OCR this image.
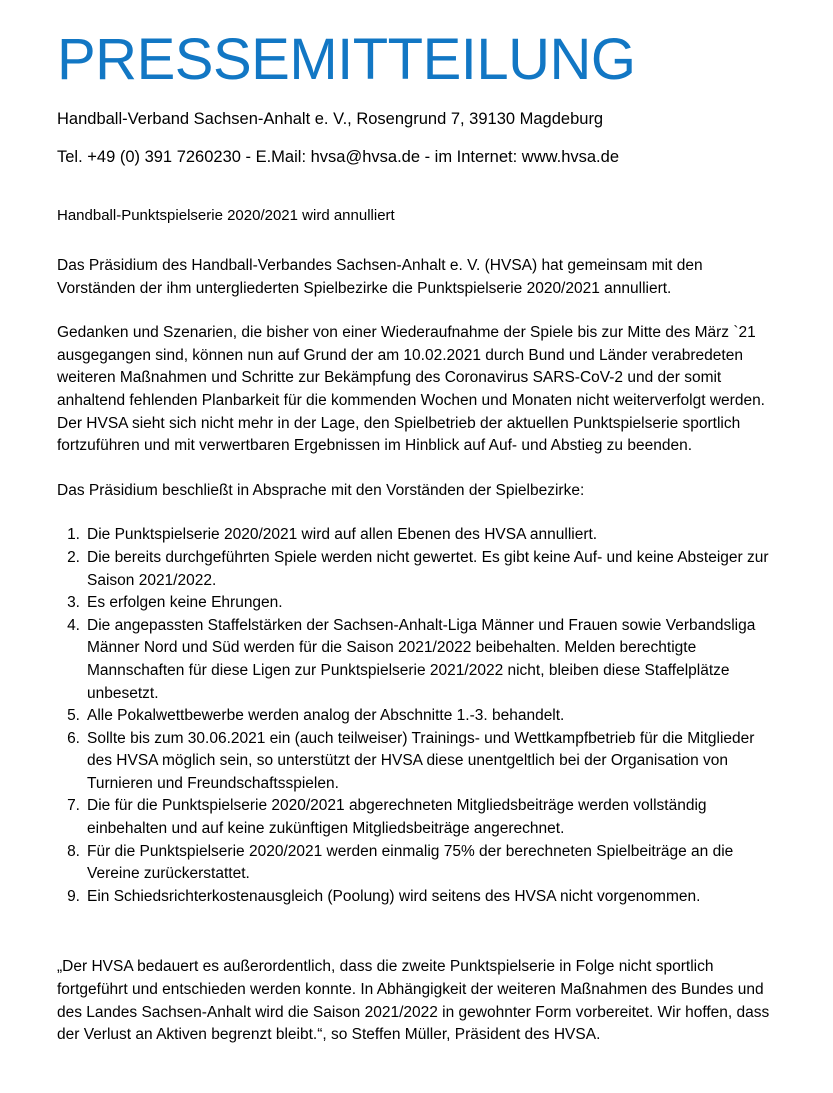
PRESSEMITTEILUNG
Handball-Verband Sachsen-Anhalt e. V., Rosengrund 7, 39130 Magdeburg
Tel. +49 (0) 391 7260230 - E.Mail: hvsa@hvsa.de - im Internet: www.hvsa.de
Handball-Punktspielserie 2020/2021 wird annulliert

Das Präsidium des Handball-Verbandes Sachsen-Anhalt e. V. (HVSA) hat gemeinsam mit den Vorständen der ihm untergliederten Spielbezirke die Punktspielserie 2020/2021 annulliert.

Gedanken und Szenarien, die bisher von einer Wiederaufnahme der Spiele bis zur Mitte des März `21 ausgegangen sind, können nun auf Grund der am 10.02.2021 durch Bund und Länder verabredeten weiteren Maßnahmen und Schritte zur Bekämpfung des Coronavirus SARS-CoV-2 und der somit anhaltend fehlenden Planbarkeit für die kommenden Wochen und Monaten nicht weiterverfolgt werden. Der HVSA sieht sich nicht mehr in der Lage, den Spielbetrieb der aktuellen Punktspielserie sportlich fortzuführen und mit verwertbaren Ergebnissen im Hinblick auf Auf- und Abstieg zu beenden.

Das Präsidium beschließt in Absprache mit den Vorständen der Spielbezirke:

1. Die Punktspielserie 2020/2021 wird auf allen Ebenen des HVSA annulliert.
2. Die bereits durchgeführten Spiele werden nicht gewertet. Es gibt keine Auf- und keine Absteiger zur Saison 2021/2022.
3. Es erfolgen keine Ehrungen.
4. Die angepassten Staffelstärken der Sachsen-Anhalt-Liga Männer und Frauen sowie Verbandsliga Männer Nord und Süd werden für die Saison 2021/2022 beibehalten. Melden berechtigte Mannschaften für diese Ligen zur Punktspielserie 2021/2022 nicht, bleiben diese Staffelplätze unbesetzt.
5. Alle Pokalwettbewerbe werden analog der Abschnitte 1.-3. behandelt.
6. Sollte bis zum 30.06.2021 ein (auch teilweiser) Trainings- und Wettkampfbetrieb für die Mitglieder des HVSA möglich sein, so unterstützt der HVSA diese unentgeltlich bei der Organisation von Turnieren und Freundschaftsspielen.
7. Die für die Punktspielserie 2020/2021 abgerechneten Mitgliedsbeiträge werden vollständig einbehalten und auf keine zukünftigen Mitgliedsbeiträge angerechnet.
8. Für die Punktspielserie 2020/2021 werden einmalig 75% der berechneten Spielbeiträge an die Vereine zurückerstattet.
9. Ein Schiedsrichterkostenausgleich (Poolung) wird seitens des HVSA nicht vorgenommen.

„Der HVSA bedauert es außerordentlich, dass die zweite Punktspielserie in Folge nicht sportlich fortgeführt und entschieden werden konnte. In Abhängigkeit der weiteren Maßnahmen des Bundes und des Landes Sachsen-Anhalt wird die Saison 2021/2022 in gewohnter Form vorbereitet. Wir hoffen, dass der Verlust an Aktiven begrenzt bleibt.“, so Steffen Müller, Präsident des HVSA.
